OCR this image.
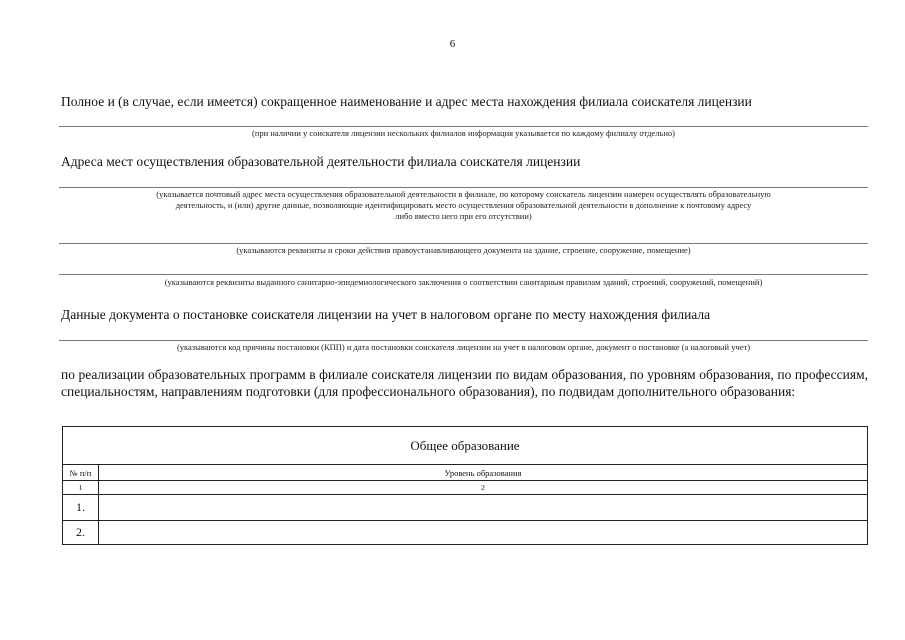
6
Полное и (в случае, если имеется) сокращенное наименование и адрес места нахождения филиала соискателя лицензии
(при наличии у соискателя лицензии нескольких филиалов информация указывается по каждому филиалу отдельно)
Адреса мест осуществления образовательной деятельности филиала соискателя лицензии
(указывается почтовый адрес места осуществления образовательной деятельности в филиале, по которому соискатель лицензии намерен осуществлять образовательную
деятельность, и (или) другие данные, позволяющие идентифицировать место осуществления образовательной деятельности в дополнение к почтовому адресу
либо вместо него при его отсутствии)
(указываются реквизиты и сроки действия правоустанавливающего документа на здание, строение, сооружение, помещение)
(указываются реквизиты выданного санитарно-эпидемиологического заключения о соответствии санитарным правилам зданий, строений, сооружений, помещений)
Данные документа о постановке соискателя лицензии на учет в налоговом органе по месту нахождения филиала
(указываются код причины постановки (КПП) и дата постановки соискателя лицензии на учет в налоговом органе, документ о постановке (а налоговый учет)
по реализации образовательных программ в филиале соискателя лицензии по видам образования, по уровням образования, по профессиям, специальностям, направлениям подготовки (для профессионального образования), по подвидам дополнительного образования:
Общее образование
№ п/п	Уровень образования
1	2
1.
2.
